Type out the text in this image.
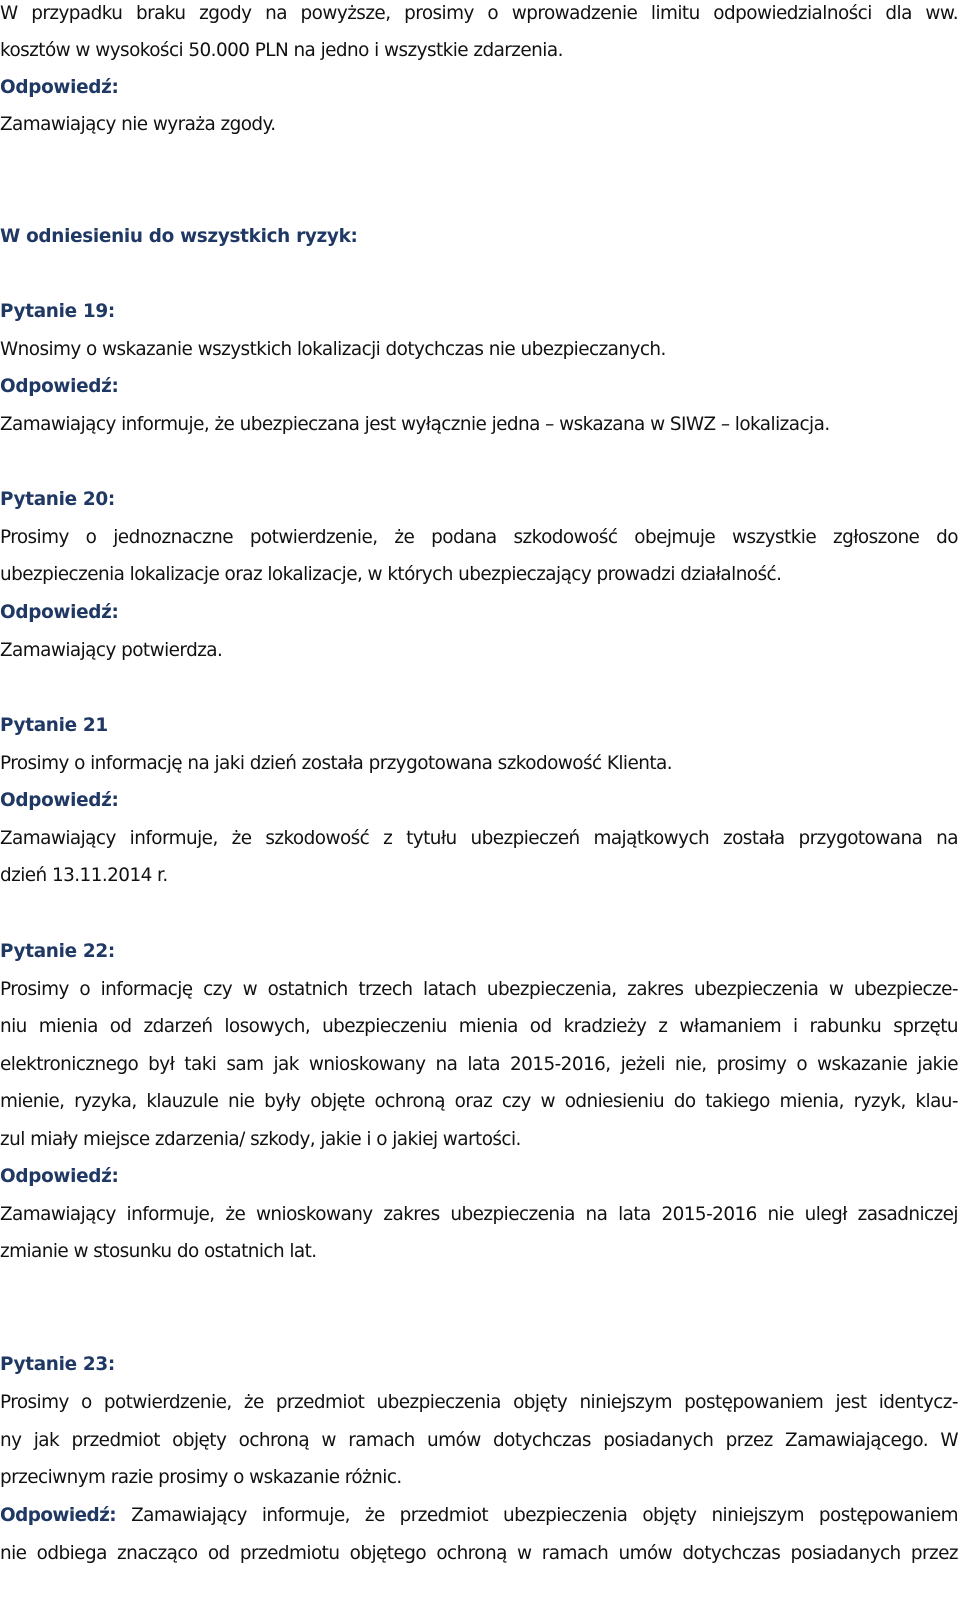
W przypadku braku zgody na powyższe, prosimy o wprowadzenie limitu odpowiedzialności dla ww.
kosztów w wysokości 50.000 PLN na jedno i wszystkie zdarzenia.
Odpowiedź:
Zamawiający nie wyraża zgody.
W odniesieniu do wszystkich ryzyk:
Pytanie 19:
Wnosimy o wskazanie wszystkich lokalizacji dotychczas nie ubezpieczanych.
Odpowiedź:
Zamawiający informuje, że ubezpieczana jest wyłącznie jedna – wskazana w SIWZ – lokalizacja.
Pytanie 20:
Prosimy o jednoznaczne potwierdzenie, że podana szkodowość obejmuje wszystkie zgłoszone do
ubezpieczenia lokalizacje oraz lokalizacje, w których ubezpieczający prowadzi działalność.
Odpowiedź:
Zamawiający potwierdza.
Pytanie 21
Prosimy o informację na jaki dzień została przygotowana szkodowość Klienta.
Odpowiedź:
Zamawiający informuje, że szkodowość z tytułu ubezpieczeń majątkowych została przygotowana na
dzień 13.11.2014 r.
Pytanie 22:
Prosimy o informację czy w ostatnich trzech latach ubezpieczenia, zakres ubezpieczenia w ubezpiecze-
niu mienia od zdarzeń losowych, ubezpieczeniu mienia od kradzieży z włamaniem i rabunku sprzętu
elektronicznego był taki sam jak wnioskowany na lata 2015-2016, jeżeli nie, prosimy o wskazanie jakie
mienie, ryzyka, klauzule nie były objęte ochroną oraz czy w odniesieniu do takiego mienia, ryzyk, klau-
zul miały miejsce zdarzenia/ szkody, jakie i o jakiej wartości.
Odpowiedź:
Zamawiający informuje, że wnioskowany zakres ubezpieczenia na lata 2015-2016 nie uległ zasadniczej
zmianie w stosunku do ostatnich lat.
Pytanie 23:
Prosimy o potwierdzenie, że przedmiot ubezpieczenia objęty niniejszym postępowaniem jest identycz-
ny jak przedmiot objęty ochroną w ramach umów dotychczas posiadanych przez Zamawiającego. W
przeciwnym razie prosimy o wskazanie różnic.
Odpowiedź: Zamawiający informuje, że przedmiot ubezpieczenia objęty niniejszym postępowaniem
nie odbiega znacząco od przedmiotu objętego ochroną w ramach umów dotychczas posiadanych przez
